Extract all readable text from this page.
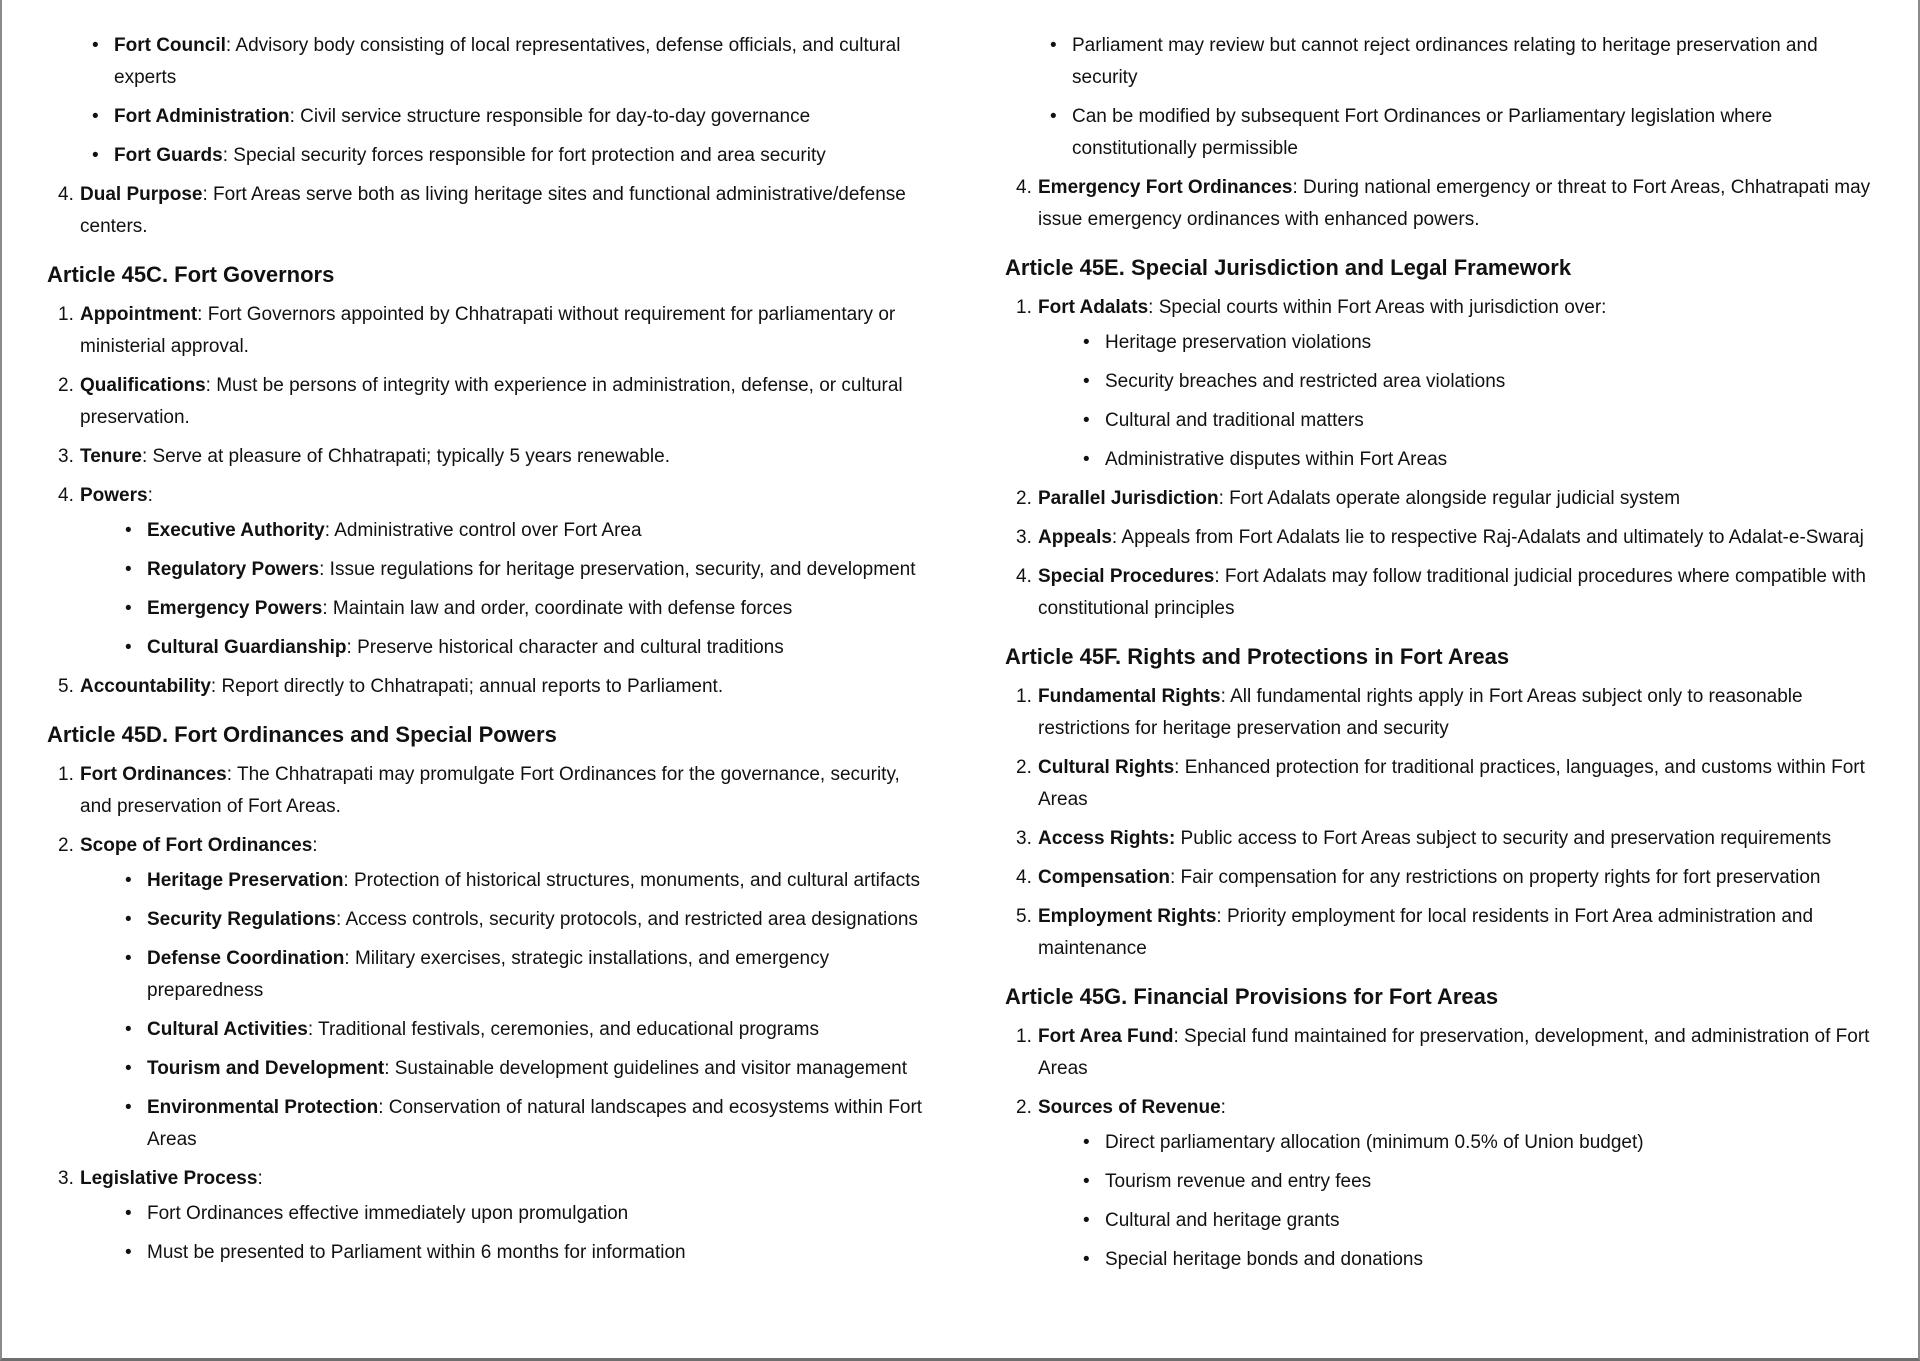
• Fort Council: Advisory body consisting of local representatives, defense officials, and cultural experts
• Fort Administration: Civil service structure responsible for day-to-day governance
• Fort Guards: Special security forces responsible for fort protection and area security
4. Dual Purpose: Fort Areas serve both as living heritage sites and functional administrative/defense centers.
Article 45C. Fort Governors
1. Appointment: Fort Governors appointed by Chhatrapati without requirement for parliamentary or ministerial approval.
2. Qualifications: Must be persons of integrity with experience in administration, defense, or cultural preservation.
3. Tenure: Serve at pleasure of Chhatrapati; typically 5 years renewable.
4. Powers:
• Executive Authority: Administrative control over Fort Area
• Regulatory Powers: Issue regulations for heritage preservation, security, and development
• Emergency Powers: Maintain law and order, coordinate with defense forces
• Cultural Guardianship: Preserve historical character and cultural traditions
5. Accountability: Report directly to Chhatrapati; annual reports to Parliament.
Article 45D. Fort Ordinances and Special Powers
1. Fort Ordinances: The Chhatrapati may promulgate Fort Ordinances for the governance, security, and preservation of Fort Areas.
2. Scope of Fort Ordinances:
• Heritage Preservation: Protection of historical structures, monuments, and cultural artifacts
• Security Regulations: Access controls, security protocols, and restricted area designations
• Defense Coordination: Military exercises, strategic installations, and emergency preparedness
• Cultural Activities: Traditional festivals, ceremonies, and educational programs
• Tourism and Development: Sustainable development guidelines and visitor management
• Environmental Protection: Conservation of natural landscapes and ecosystems within Fort Areas
3. Legislative Process:
• Fort Ordinances effective immediately upon promulgation
• Must be presented to Parliament within 6 months for information
• Parliament may review but cannot reject ordinances relating to heritage preservation and security
• Can be modified by subsequent Fort Ordinances or Parliamentary legislation where constitutionally permissible
4. Emergency Fort Ordinances: During national emergency or threat to Fort Areas, Chhatrapati may issue emergency ordinances with enhanced powers.
Article 45E. Special Jurisdiction and Legal Framework
1. Fort Adalats: Special courts within Fort Areas with jurisdiction over:
• Heritage preservation violations
• Security breaches and restricted area violations
• Cultural and traditional matters
• Administrative disputes within Fort Areas
2. Parallel Jurisdiction: Fort Adalats operate alongside regular judicial system
3. Appeals: Appeals from Fort Adalats lie to respective Raj-Adalats and ultimately to Adalat-e-Swaraj
4. Special Procedures: Fort Adalats may follow traditional judicial procedures where compatible with constitutional principles
Article 45F. Rights and Protections in Fort Areas
1. Fundamental Rights: All fundamental rights apply in Fort Areas subject only to reasonable restrictions for heritage preservation and security
2. Cultural Rights: Enhanced protection for traditional practices, languages, and customs within Fort Areas
3. Access Rights: Public access to Fort Areas subject to security and preservation requirements
4. Compensation: Fair compensation for any restrictions on property rights for fort preservation
5. Employment Rights: Priority employment for local residents in Fort Area administration and maintenance
Article 45G. Financial Provisions for Fort Areas
1. Fort Area Fund: Special fund maintained for preservation, development, and administration of Fort Areas
2. Sources of Revenue:
• Direct parliamentary allocation (minimum 0.5% of Union budget)
• Tourism revenue and entry fees
• Cultural and heritage grants
• Special heritage bonds and donations
